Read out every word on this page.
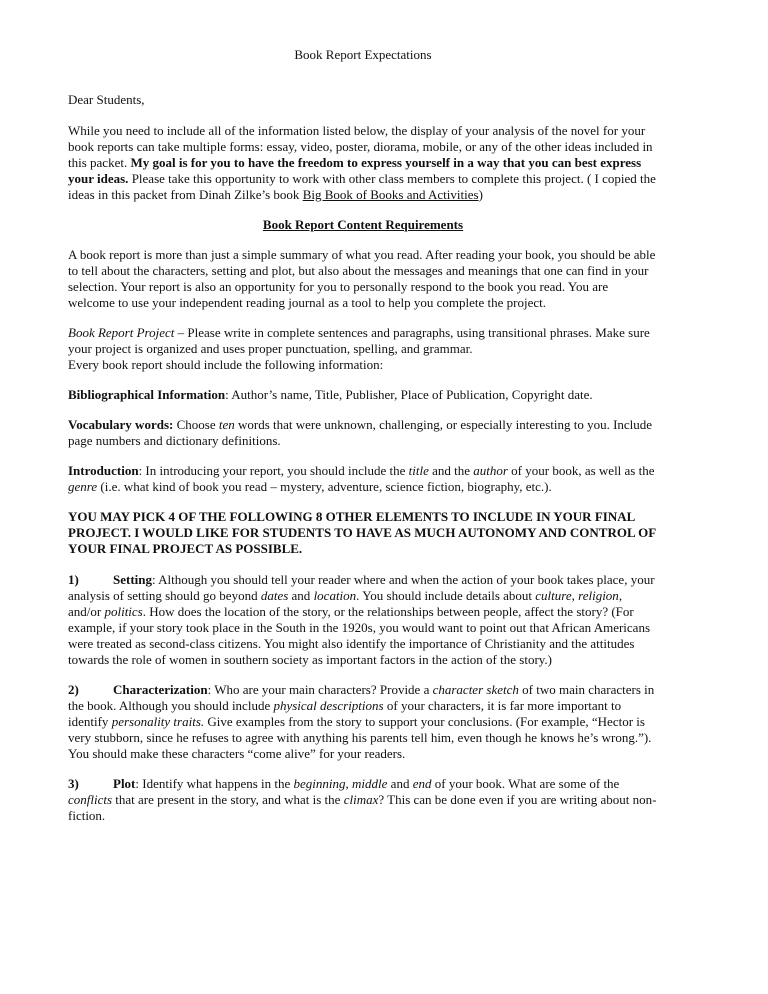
Book Report Expectations

Dear Students,

While you need to include all of the information listed below, the display of your analysis of the novel for your book reports can take multiple forms: essay, video, poster, diorama, mobile, or any of the other ideas included in this packet. My goal is for you to have the freedom to express yourself in a way that you can best express your ideas. Please take this opportunity to work with other class members to complete this project. ( I copied the ideas in this packet from Dinah Zilke’s book Big Book of Books and Activities)

Book Report Content Requirements

A book report is more than just a simple summary of what you read. After reading your book, you should be able to tell about the characters, setting and plot, but also about the messages and meanings that one can find in your selection. Your report is also an opportunity for you to personally respond to the book you read. You are welcome to use your independent reading journal as a tool to help you complete the project.

Book Report Project – Please write in complete sentences and paragraphs, using transitional phrases. Make sure your project is organized and uses proper punctuation, spelling, and grammar.
Every book report should include the following information:

Bibliographical Information: Author’s name, Title, Publisher, Place of Publication, Copyright date.

Vocabulary words: Choose ten words that were unknown, challenging, or especially interesting to you. Include page numbers and dictionary definitions.

Introduction: In introducing your report, you should include the title and the author of your book, as well as the genre (i.e. what kind of book you read – mystery, adventure, science fiction, biography, etc.).

YOU MAY PICK 4 OF THE FOLLOWING 8 OTHER ELEMENTS TO INCLUDE IN YOUR FINAL PROJECT. I WOULD LIKE FOR STUDENTS TO HAVE AS MUCH AUTONOMY AND CONTROL OF YOUR FINAL PROJECT AS POSSIBLE.

1)	Setting: Although you should tell your reader where and when the action of your book takes place, your analysis of setting should go beyond dates and location. You should include details about culture, religion, and/or politics. How does the location of the story, or the relationships between people, affect the story? (For example, if your story took place in the South in the 1920s, you would want to point out that African Americans were treated as second-class citizens. You might also identify the importance of Christianity and the attitudes towards the role of women in southern society as important factors in the action of the story.)

2)	Characterization: Who are your main characters? Provide a character sketch of two main characters in the book. Although you should include physical descriptions of your characters, it is far more important to identify personality traits. Give examples from the story to support your conclusions. (For example, “Hector is very stubborn, since he refuses to agree with anything his parents tell him, even though he knows he’s wrong.”). You should make these characters “come alive” for your readers.

3)	Plot: Identify what happens in the beginning, middle and end of your book. What are some of the conflicts that are present in the story, and what is the climax? This can be done even if you are writing about non-fiction.
